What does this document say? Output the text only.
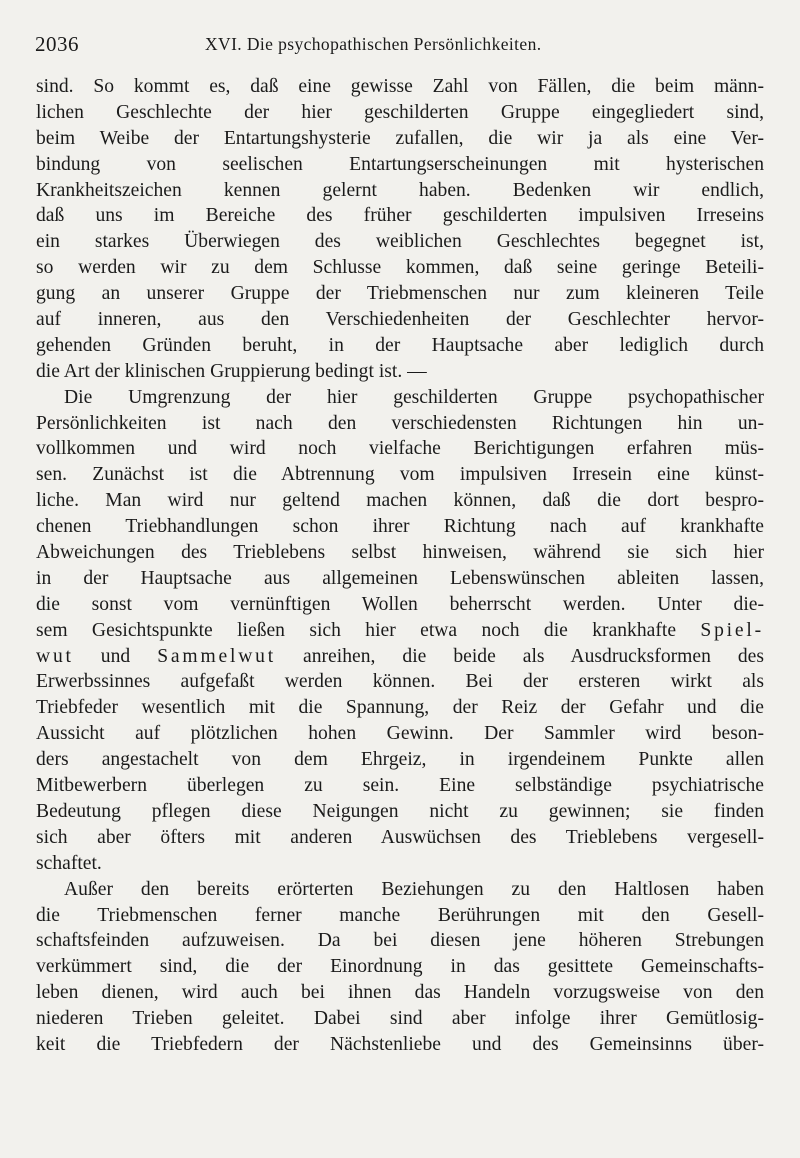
2036	XVI. Die psychopathischen Persönlichkeiten.
sind. So kommt es, daß eine gewisse Zahl von Fällen, die beim männ-
lichen Geschlechte der hier geschilderten Gruppe eingegliedert sind,
beim Weibe der Entartungshysterie zufallen, die wir ja als eine Ver-
bindung von seelischen Entartungserscheinungen mit hysterischen
Krankheitszeichen kennen gelernt haben. Bedenken wir endlich,
daß uns im Bereiche des früher geschilderten impulsiven Irreseins
ein starkes Überwiegen des weiblichen Geschlechtes begegnet ist,
so werden wir zu dem Schlusse kommen, daß seine geringe Beteili-
gung an unserer Gruppe der Triebmenschen nur zum kleineren Teile
auf inneren, aus den Verschiedenheiten der Geschlechter hervor-
gehenden Gründen beruht, in der Hauptsache aber lediglich durch
die Art der klinischen Gruppierung bedingt ist. —
Die Umgrenzung der hier geschilderten Gruppe psychopathischer
Persönlichkeiten ist nach den verschiedensten Richtungen hin un-
vollkommen und wird noch vielfache Berichtigungen erfahren müs-
sen. Zunächst ist die Abtrennung vom impulsiven Irresein eine künst-
liche. Man wird nur geltend machen können, daß die dort bespro-
chenen Triebhandlungen schon ihrer Richtung nach auf krankhafte
Abweichungen des Trieblebens selbst hinweisen, während sie sich hier
in der Hauptsache aus allgemeinen Lebenswünschen ableiten lassen,
die sonst vom vernünftigen Wollen beherrscht werden. Unter die-
sem Gesichtspunkte ließen sich hier etwa noch die krankhafte Spiel-
wut und Sammelwut anreihen, die beide als Ausdrucksformen des
Erwerbssinnes aufgefaßt werden können. Bei der ersteren wirkt als
Triebfeder wesentlich mit die Spannung, der Reiz der Gefahr und die
Aussicht auf plötzlichen hohen Gewinn. Der Sammler wird beson-
ders angestachelt von dem Ehrgeiz, in irgendeinem Punkte allen
Mitbewerbern überlegen zu sein. Eine selbständige psychiatrische
Bedeutung pflegen diese Neigungen nicht zu gewinnen; sie finden
sich aber öfters mit anderen Auswüchsen des Trieblebens vergesell-
schaftet.
Außer den bereits erörterten Beziehungen zu den Haltlosen haben
die Triebmenschen ferner manche Berührungen mit den Gesell-
schaftsfeinden aufzuweisen. Da bei diesen jene höheren Strebungen
verkümmert sind, die der Einordnung in das gesittete Gemeinschafts-
leben dienen, wird auch bei ihnen das Handeln vorzugsweise von den
niederen Trieben geleitet. Dabei sind aber infolge ihrer Gemütlosig-
keit die Triebfedern der Nächstenliebe und des Gemeinsinns über-
